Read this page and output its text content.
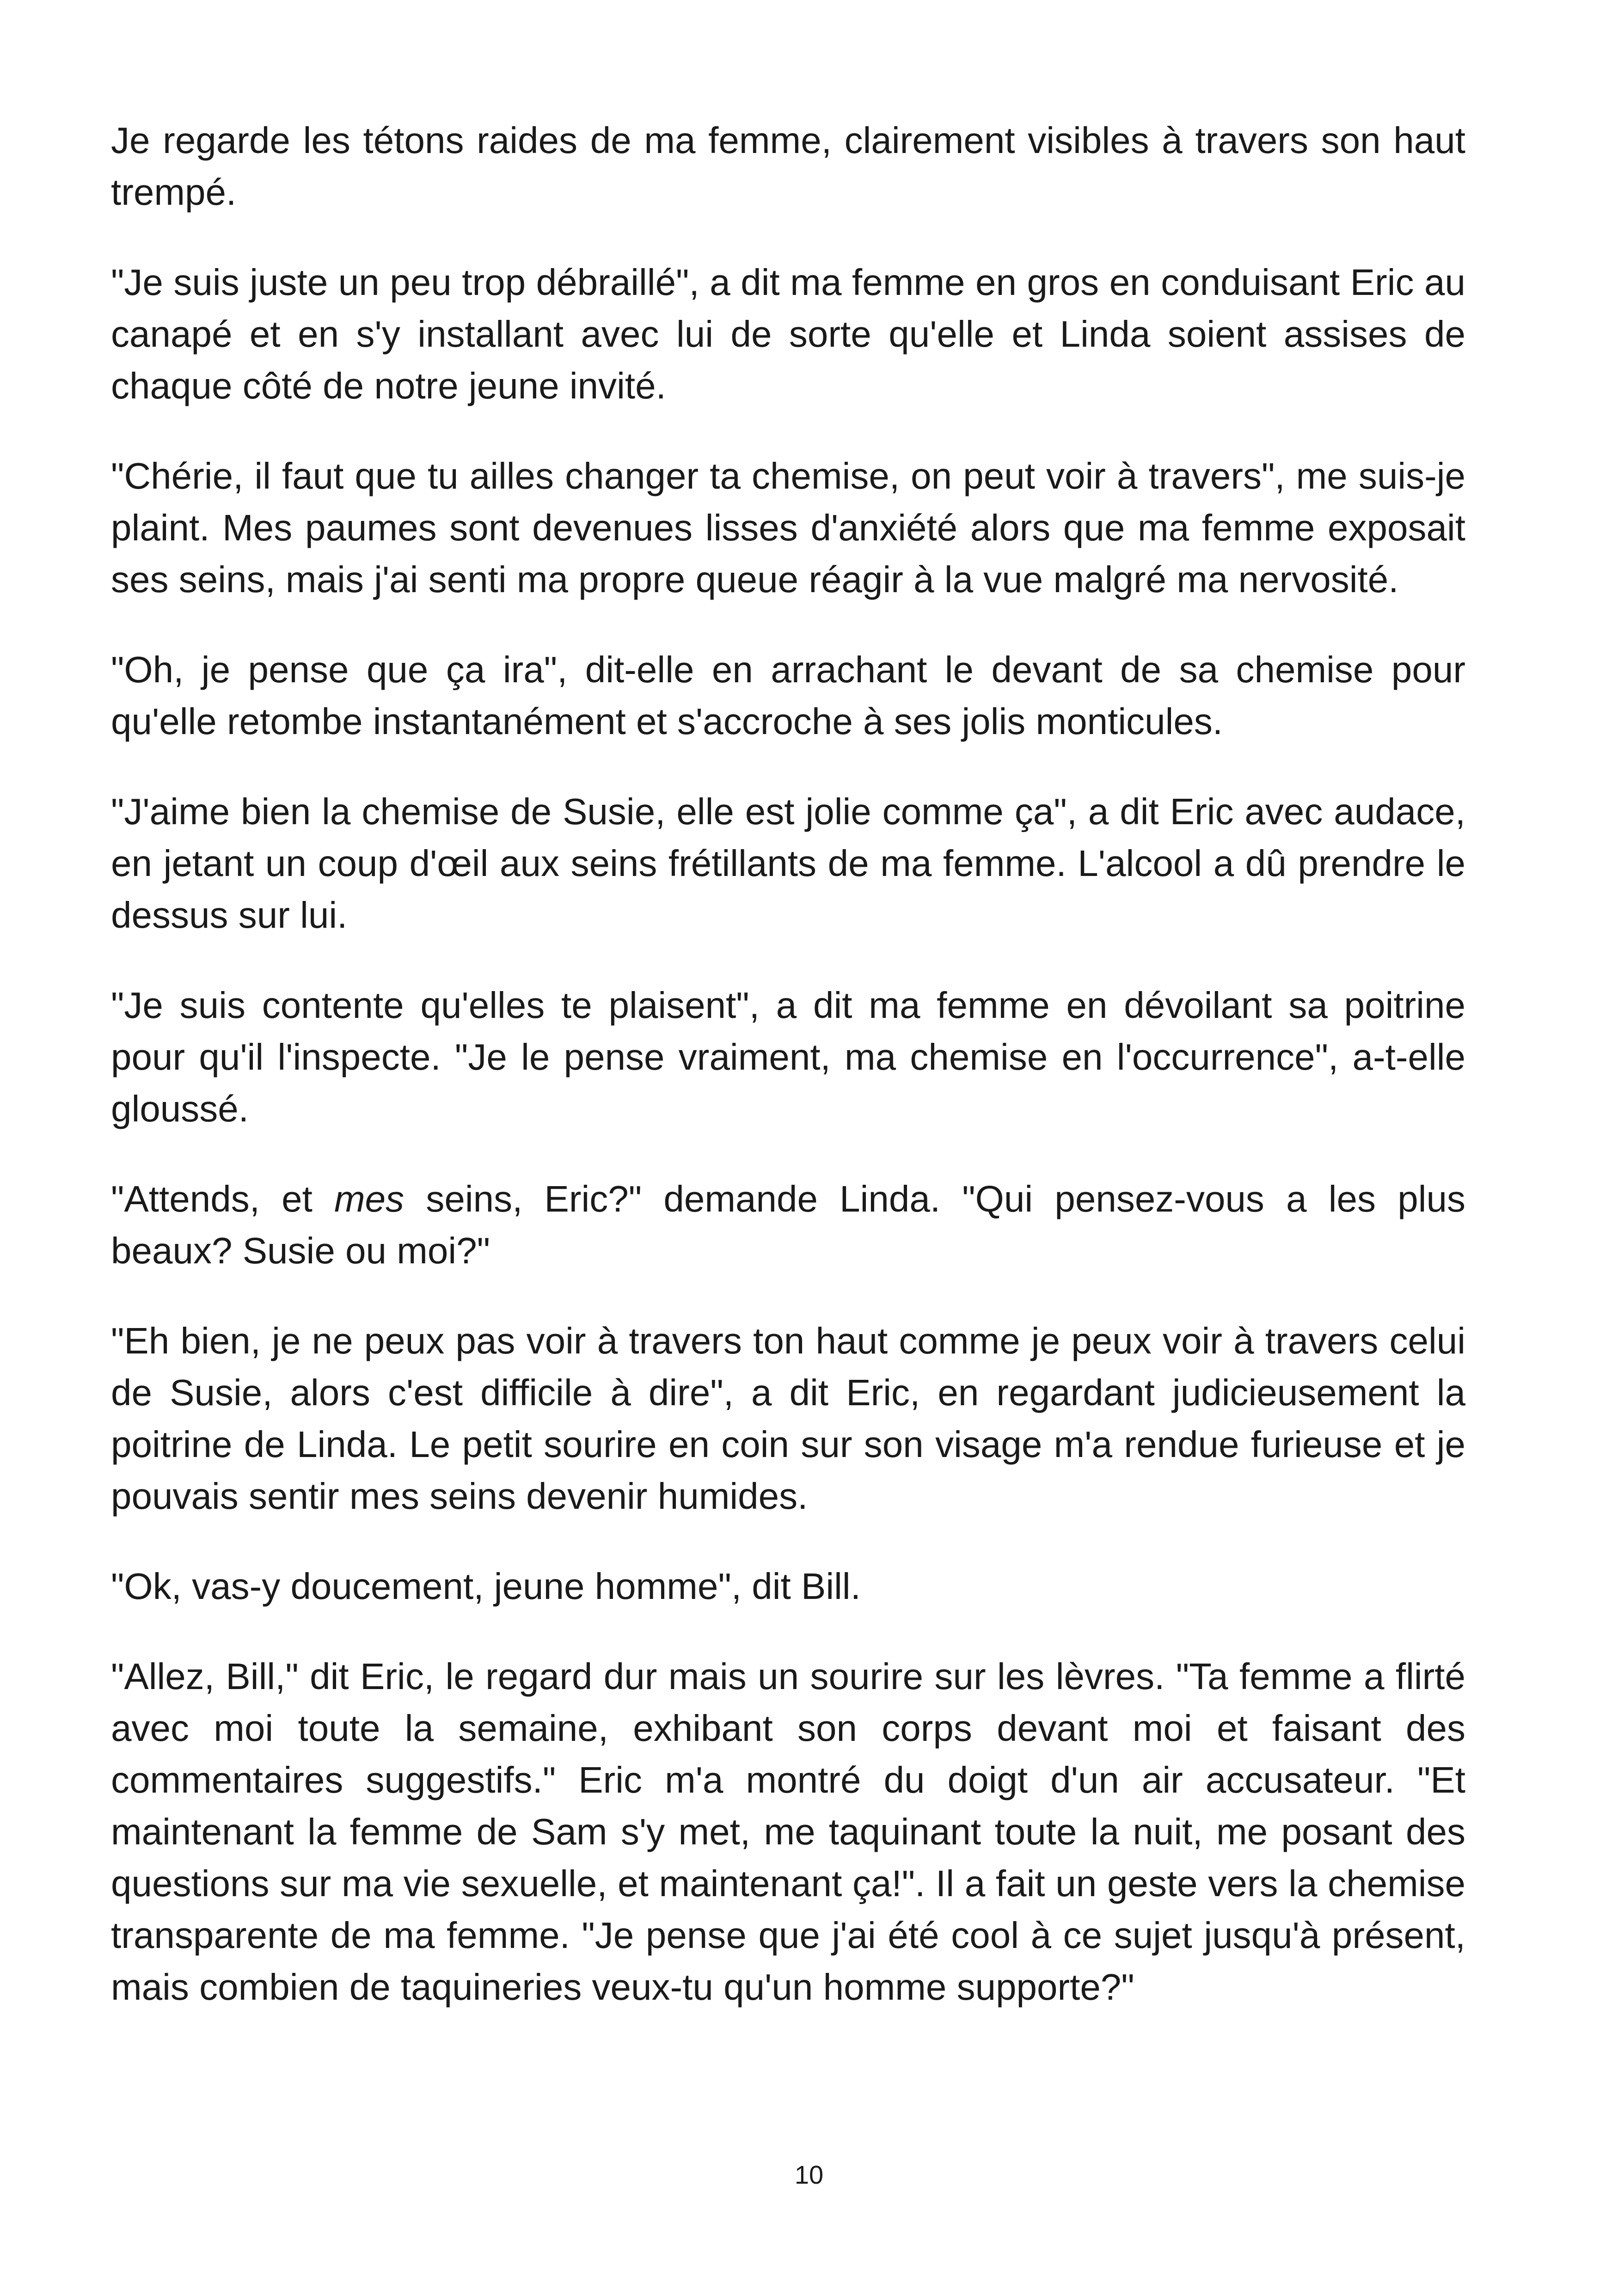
Je regarde les tétons raides de ma femme, clairement visibles à travers son haut trempé.

"Je suis juste un peu trop débraillé", a dit ma femme en gros en conduisant Eric au canapé et en s'y installant avec lui de sorte qu'elle et Linda soient assises de chaque côté de notre jeune invité.

"Chérie, il faut que tu ailles changer ta chemise, on peut voir à travers", me suis-je plaint. Mes paumes sont devenues lisses d'anxiété alors que ma femme exposait ses seins, mais j'ai senti ma propre queue réagir à la vue malgré ma nervosité.

"Oh, je pense que ça ira", dit-elle en arrachant le devant de sa chemise pour qu'elle retombe instantanément et s'accroche à ses jolis monticules.

"J'aime bien la chemise de Susie, elle est jolie comme ça", a dit Eric avec audace, en jetant un coup d'œil aux seins frétillants de ma femme. L'alcool a dû prendre le dessus sur lui.

"Je suis contente qu'elles te plaisent", a dit ma femme en dévoilant sa poitrine pour qu'il l'inspecte. "Je le pense vraiment, ma chemise en l'occurrence", a-t-elle gloussé.

"Attends, et mes seins, Eric?" demande Linda. "Qui pensez-vous a les plus beaux? Susie ou moi?"

"Eh bien, je ne peux pas voir à travers ton haut comme je peux voir à travers celui de Susie, alors c'est difficile à dire", a dit Eric, en regardant judicieusement la poitrine de Linda. Le petit sourire en coin sur son visage m'a rendue furieuse et je pouvais sentir mes seins devenir humides.

"Ok, vas-y doucement, jeune homme", dit Bill.

"Allez, Bill," dit Eric, le regard dur mais un sourire sur les lèvres. "Ta femme a flirté avec moi toute la semaine, exhibant son corps devant moi et faisant des commentaires suggestifs." Eric m'a montré du doigt d'un air accusateur. "Et maintenant la femme de Sam s'y met, me taquinant toute la nuit, me posant des questions sur ma vie sexuelle, et maintenant ça!". Il a fait un geste vers la chemise transparente de ma femme. "Je pense que j'ai été cool à ce sujet jusqu'à présent, mais combien de taquineries veux-tu qu'un homme supporte?"

10
